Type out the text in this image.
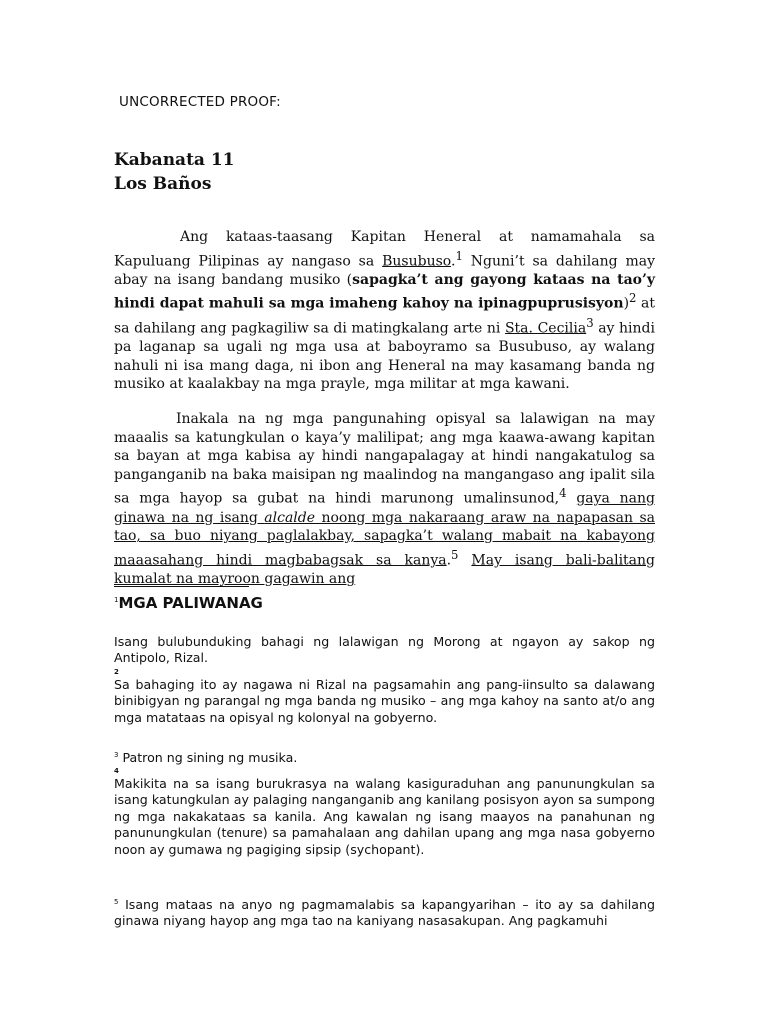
UNCORRECTED PROOF:
Kabanata 11
Los Baños
Ang kataas-taasang Kapitan Heneral at namamahala sa Kapuluang Pilipinas ay nangaso sa Busubuso.$^1$ Nguni’t sa dahilang may abay na isang bandang musiko (sapagka’t ang gayong kataas na tao’y hindi dapat mahuli sa mga imaheng kahoy na ipinagpuprusisyon)$^2$ at sa dahilang ang pagkagiliw sa di matingkalang arte ni Sta. Cecilia$^3$ ay hindi pa laganap sa ugali ng mga usa at baboyramo sa Busubuso, ay walang nahuli ni isa mang daga, ni ibon ang Heneral na may kasamang banda ng musiko at kaalakbay na mga prayle, mga militar at mga kawani.
Inakala na ng mga pangunahing opisyal sa lalawigan na may maaalis sa katungkulan o kaya’y malilipat; ang mga kaawa-awang kapitan sa bayan at mga kabisa ay hindi nangapalagay at hindi nangakatulog sa panganganib na baka maisipan ng maalindog na mangangaso ang ipalit sila sa mga hayop sa gubat na hindi marunong umalinsunod,$^4$ gaya nang ginawa na ng isang alcalde noong mga nakaraang araw na napapasan sa tao, sa buo niyang paglalakbay, sapagka’t walang mabait na kabayong maaasahang hindi magbabagsak sa kanya.$^5$ May isang bali-balitang kumalat na mayroon gagawin ang
$^1$MGA PALIWANAG
Isang bulubunduking bahagi ng lalawigan ng Morong at ngayon ay sakop ng Antipolo, Rizal.
2
Sa bahaging ito ay nagawa ni Rizal na pagsamahin ang pang-iinsulto sa dalawang binibigyan ng parangal ng mga banda ng musiko – ang mga kahoy na santo at/o ang mga matataas na opisyal ng kolonyal na gobyerno.
$^3$ Patron ng sining ng musika.
4
Makikita na sa isang burukrasya na walang kasiguraduhan ang panunungkulan sa isang katungkulan ay palaging nanganganib ang kanilang posisyon ayon sa sumpong ng mga nakakataas sa kanila. Ang kawalan ng isang maayos na panahunan ng panunungkulan (tenure) sa pamahalaan ang dahilan upang ang mga nasa gobyerno noon ay gumawa ng pagiging sipsip (sychopant).
$^5$ Isang mataas na anyo ng pagmamalabis sa kapangyarihan – ito ay sa dahilang ginawa niyang hayop ang mga tao na kaniyang nasasakupan. Ang pagkamuhi
